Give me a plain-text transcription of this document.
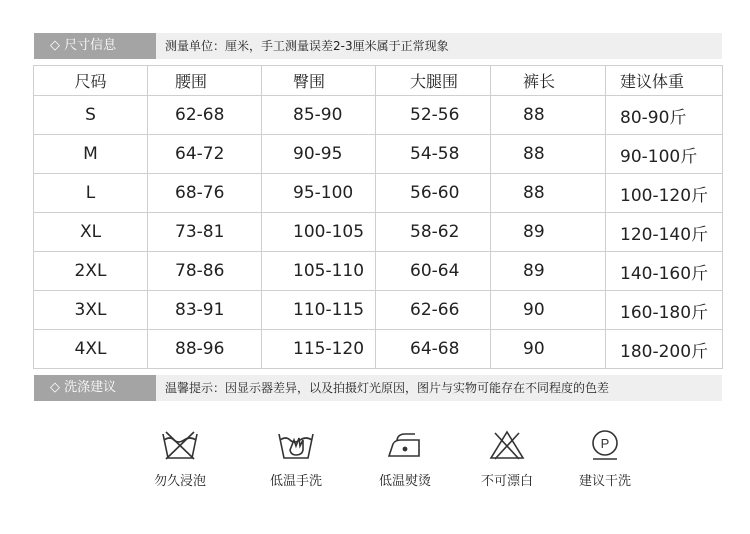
◇ 尺寸信息	测量单位：厘米，手工测量误差2-3厘米属于正常现象
尺码	腰围	臀围	大腿围	裤长	建议体重
S	62-68	85-90	52-56	88	80-90斤
M	64-72	90-95	54-58	88	90-100斤
L	68-76	95-100	56-60	88	100-120斤
XL	73-81	100-105	58-62	89	120-140斤
2XL	78-86	105-110	60-64	89	140-160斤
3XL	83-91	110-115	62-66	90	160-180斤
4XL	88-96	115-120	64-68	90	180-200斤
◇ 洗涤建议	温馨提示：因显示器差异，以及拍摄灯光原因，图片与实物可能存在不同程度的色差
勿久浸泡	低温手洗	低温熨烫	不可漂白
P
建议干洗
